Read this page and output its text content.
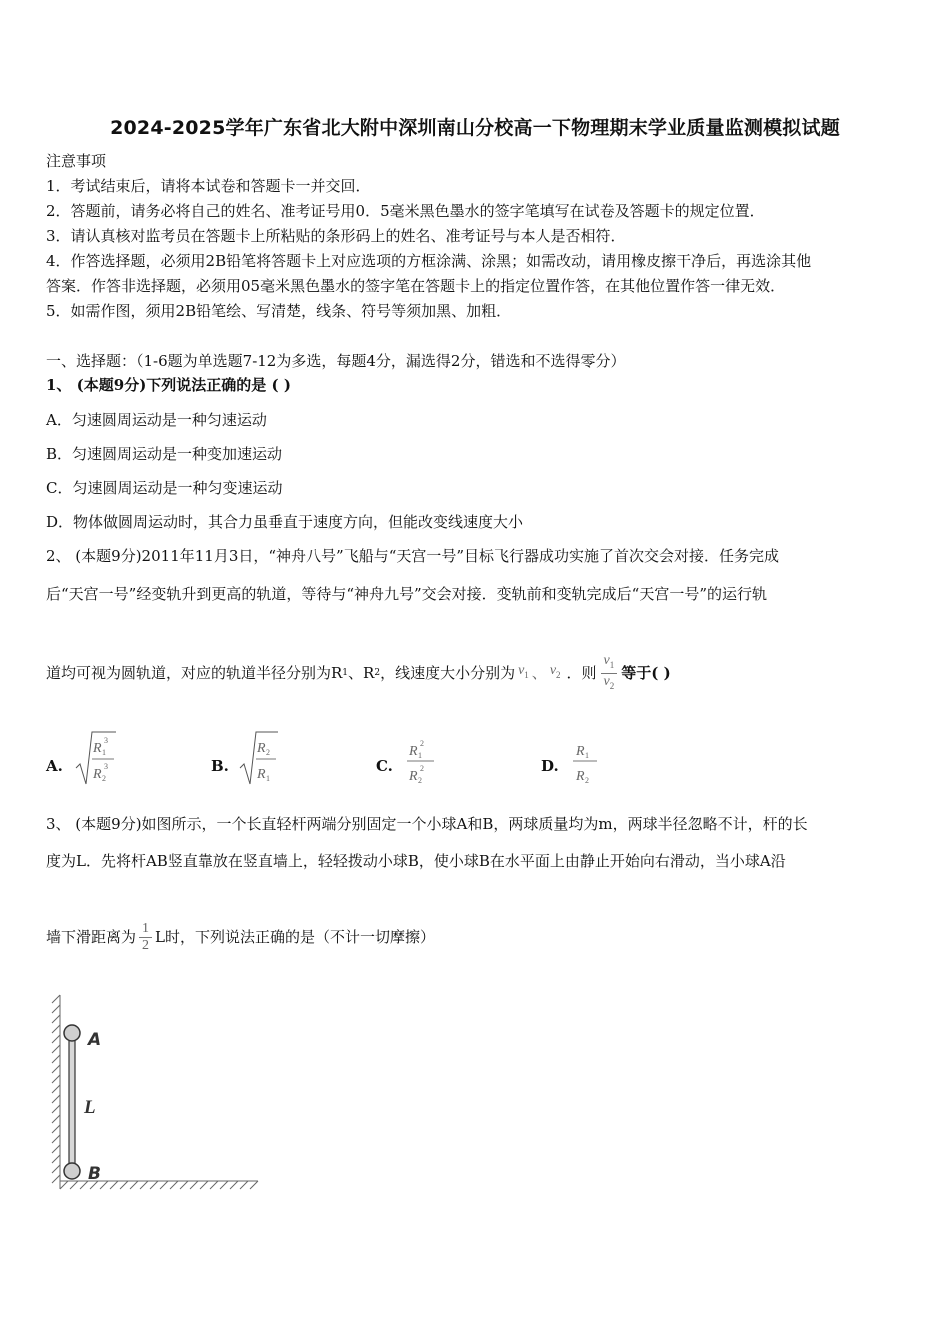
2024-2025学年广东省北大附中深圳南山分校高一下物理期末学业质量监测模拟试题
注意事项
1．考试结束后，请将本试卷和答题卡一并交回．
2．答题前，请务必将自己的姓名、准考证号用0．5毫米黑色墨水的签字笔填写在试卷及答题卡的规定位置．
3．请认真核对监考员在答题卡上所粘贴的条形码上的姓名、准考证号与本人是否相符．
4．作答选择题，必须用2B铅笔将答题卡上对应选项的方框涂满、涂黑；如需改动，请用橡皮擦干净后，再选涂其他
答案．作答非选择题，必须用05毫米黑色墨水的签字笔在答题卡上的指定位置作答，在其他位置作答一律无效．
5．如需作图，须用2B铅笔绘、写清楚，线条、符号等须加黑、加粗．
一、选择题：（1-6题为单选题7-12为多选，每题4分，漏选得2分，错选和不选得零分）
1、 (本题9分)下列说法正确的是 ( )
A．匀速圆周运动是一种匀速运动
B．匀速圆周运动是一种变加速运动
C．匀速圆周运动是一种匀变速运动
D．物体做圆周运动时，其合力虽垂直于速度方向，但能改变线速度大小
2、 (本题9分)2011年11月3日，“神舟八号”飞船与“天宫一号”目标飞行器成功实施了首次交会对接．任务完成
后“天宫一号”经变轨升到更高的轨道，等待与“神舟九号”交会对接．变轨前和变轨完成后“天宫一号”的运行轨
道均可视为圆轨道，对应的轨道半径分别为R 1 、R 2 ，线速度大小分别为 $v_1$ 、 $v_2$ ．则 $\frac{v_1}{v_2}$ 等于( )
A.
R 1
3
R 2
3	B.
R 2
R 1
C.
R 1
2
R 2
2	D.
R 1
R 2
3、 (本题9分)如图所示，一个长直轻杆两端分别固定一个小球A和B，两球质量均为m，两球半径忽略不计，杆的长
度为L．先将杆AB竖直靠放在竖直墙上，轻轻拨动小球B，使小球B在水平面上由静止开始向右滑动，当小球A沿
墙下滑距离为 $\frac{1}{2}$ L时，下列说法正确的是（不计一切摩擦）
A
L
B
